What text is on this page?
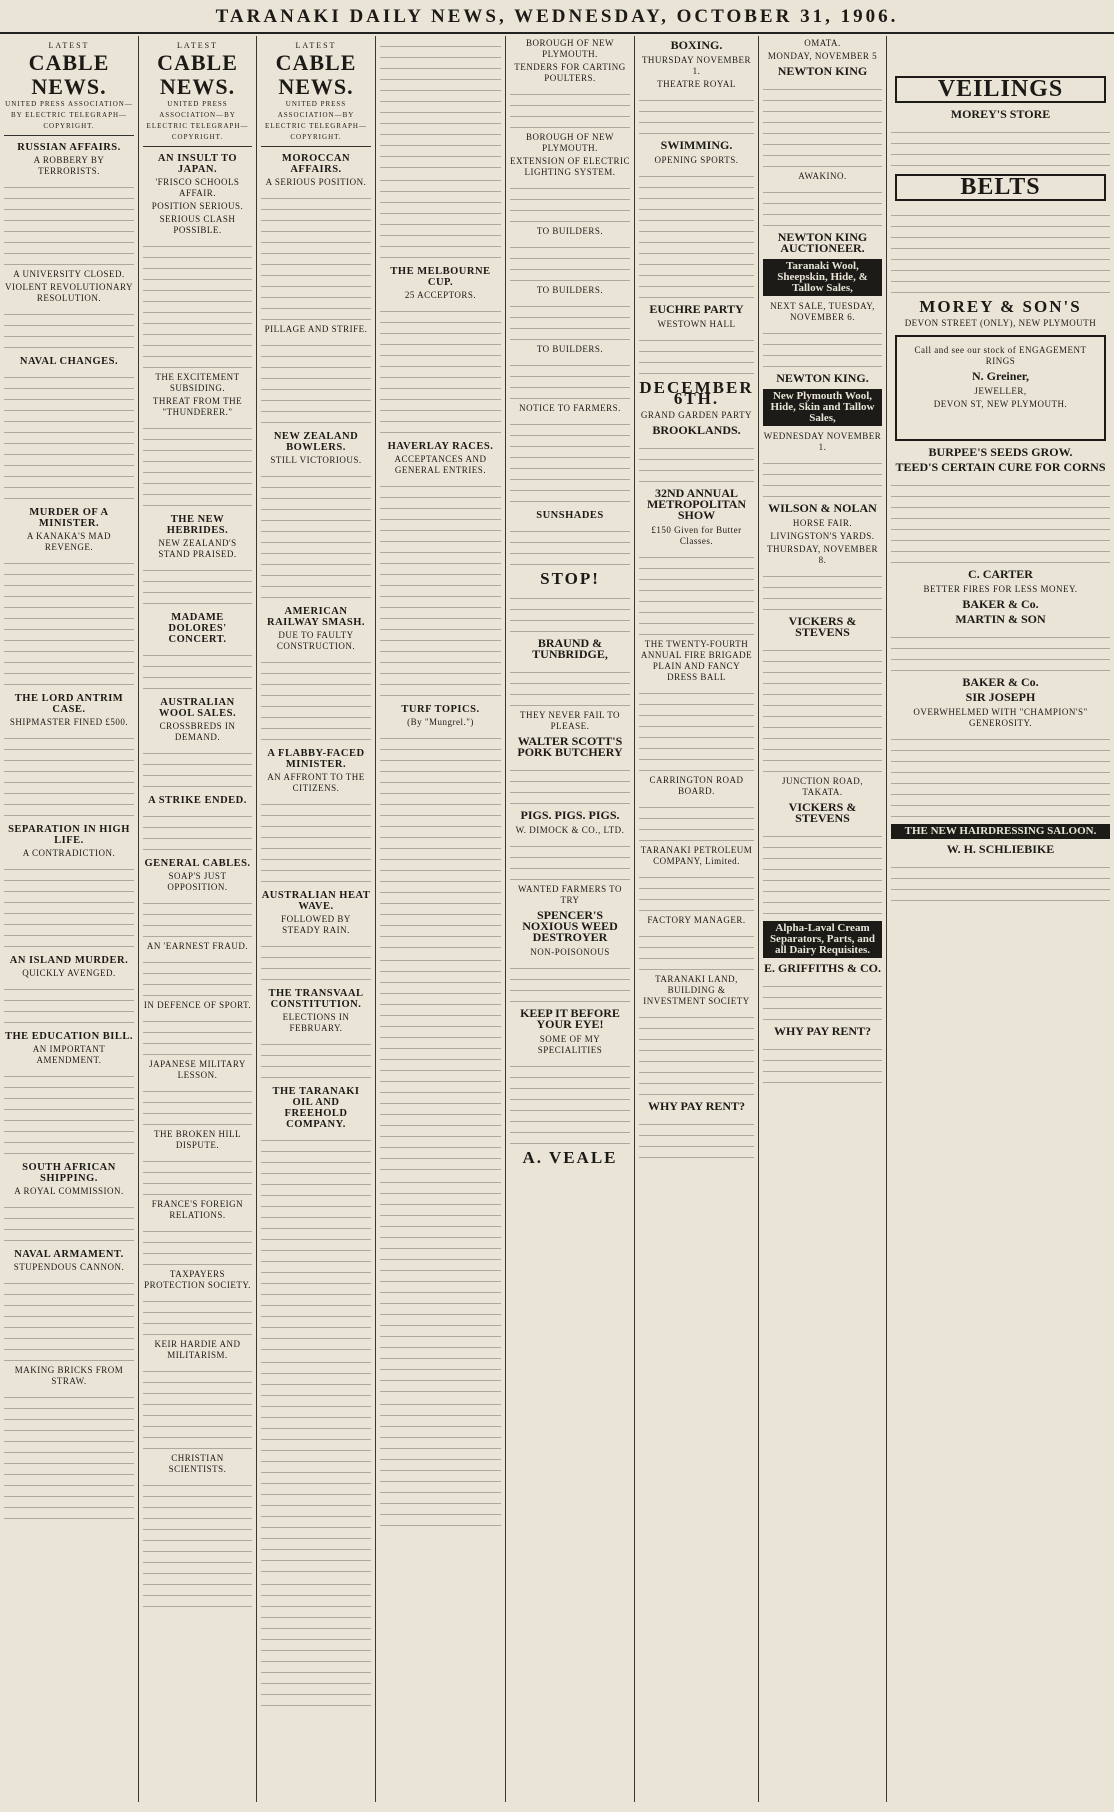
TARANAKI DAILY NEWS, WEDNESDAY, OCTOBER 31, 1906.
LATEST
CABLE NEWS.
UNITED PRESS ASSOCIATION—BY ELECTRIC TELEGRAPH—COPYRIGHT.
RUSSIAN AFFAIRS.
A ROBBERY BY TERRORISTS.
A UNIVERSITY CLOSED.
VIOLENT REVOLUTIONARY RESOLUTION.
NAVAL CHANGES.
MURDER OF A MINISTER.
A KANAKA'S MAD REVENGE.
THE LORD ANTRIM CASE.
SHIPMASTER FINED £500.
SEPARATION IN HIGH LIFE.
A CONTRADICTION.
AN ISLAND MURDER.
QUICKLY AVENGED.
THE EDUCATION BILL.
AN IMPORTANT AMENDMENT.
SOUTH AFRICAN SHIPPING.
A ROYAL COMMISSION.
NAVAL ARMAMENT.
STUPENDOUS CANNON.
MAKING BRICKS FROM STRAW.
LATEST
CABLE NEWS.
UNITED PRESS ASSOCIATION—BY ELECTRIC TELEGRAPH—COPYRIGHT.
AN INSULT TO JAPAN.
'FRISCO SCHOOLS AFFAIR.
POSITION SERIOUS.
SERIOUS CLASH POSSIBLE.
THE EXCITEMENT SUBSIDING.
THREAT FROM THE "THUNDERER."
THE NEW HEBRIDES.
NEW ZEALAND'S STAND PRAISED.
MADAME DOLORES' CONCERT.
AUSTRALIAN WOOL SALES.
CROSSBREDS IN DEMAND.
A STRIKE ENDED.
GENERAL CABLES.
SOAP'S JUST OPPOSITION.
AN 'EARNEST FRAUD.
IN DEFENCE OF SPORT.
JAPANESE MILITARY LESSON.
THE BROKEN HILL DISPUTE.
FRANCE'S FOREIGN RELATIONS.
TAXPAYERS PROTECTION SOCIETY.
KEIR HARDIE AND MILITARISM.
CHRISTIAN SCIENTISTS.
LATEST
CABLE NEWS.
UNITED PRESS ASSOCIATION—BY ELECTRIC TELEGRAPH—COPYRIGHT.
MOROCCAN AFFAIRS.
A SERIOUS POSITION.
PILLAGE AND STRIFE.
NEW ZEALAND BOWLERS.
STILL VICTORIOUS.
AMERICAN RAILWAY SMASH.
DUE TO FAULTY CONSTRUCTION.
A FLABBY-FACED MINISTER.
AN AFFRONT TO THE CITIZENS.
AUSTRALIAN HEAT WAVE.
FOLLOWED BY STEADY RAIN.
THE TRANSVAAL CONSTITUTION.
ELECTIONS IN FEBRUARY.
THE TARANAKI OIL AND FREEHOLD COMPANY.
THE MELBOURNE CUP.
25 ACCEPTORS.
HAVERLAY RACES.
ACCEPTANCES AND GENERAL ENTRIES.
TURF TOPICS.
(By "Mungrel.")
BOROUGH OF NEW PLYMOUTH.
TENDERS FOR CARTING POULTERS.
BOROUGH OF NEW PLYMOUTH.
EXTENSION OF ELECTRIC LIGHTING SYSTEM.
TO BUILDERS.
TO BUILDERS.
TO BUILDERS.
NOTICE TO FARMERS.
SUNSHADES
STOP!
BRAUND & TUNBRIDGE,
THEY NEVER FAIL TO PLEASE.
WALTER SCOTT'S PORK BUTCHERY
PIGS. PIGS. PIGS.
W. DIMOCK & CO., LTD.
WANTED FARMERS TO TRY
SPENCER'S NOXIOUS WEED DESTROYER
NON-POISONOUS
KEEP IT BEFORE YOUR EYE!
SOME OF MY SPECIALITIES
A. VEALE
BOXING.
THURSDAY NOVEMBER 1.
THEATRE ROYAL
SWIMMING.
OPENING SPORTS.
EUCHRE PARTY
WESTOWN HALL
DECEMBER 6TH.
GRAND GARDEN PARTY
BROOKLANDS.
32ND ANNUAL METROPOLITAN SHOW
£150 Given for Butter Classes.
THE TWENTY-FOURTH ANNUAL FIRE BRIGADE PLAIN AND FANCY DRESS BALL
CARRINGTON ROAD BOARD.
TARANAKI PETROLEUM COMPANY, Limited.
FACTORY MANAGER.
TARANAKI LAND, BUILDING & INVESTMENT SOCIETY
WHY PAY RENT?
OMATA.
MONDAY, NOVEMBER 5
NEWTON KING
AWAKINO.
NEWTON KING AUCTIONEER.
Taranaki Wool, Sheepskin, Hide, & Tallow Sales,
NEXT SALE, TUESDAY, NOVEMBER 6.
NEWTON KING.
New Plymouth Wool, Hide, Skin and Tallow Sales,
WEDNESDAY NOVEMBER 1.
WILSON & NOLAN
HORSE FAIR.
LIVINGSTON'S YARDS.
THURSDAY, NOVEMBER 8.
VICKERS & STEVENS
JUNCTION ROAD, TAKATA.
VICKERS & STEVENS
Alpha-Laval Cream Separators, Parts, and all Dairy Requisites.
E. GRIFFITHS & CO.
WHY PAY RENT?
VEILINGS
MOREY'S STORE
BELTS
MOREY & SON'S
DEVON STREET (ONLY), NEW PLYMOUTH
Call and see our stock of ENGAGEMENT RINGS
N. Greiner,
JEWELLER,
DEVON ST, NEW PLYMOUTH.
BURPEE'S SEEDS GROW.
TEED'S CERTAIN CURE FOR CORNS
C. CARTER
BETTER FIRES FOR LESS MONEY.
BAKER & Co.
MARTIN & SON
BAKER & Co.
SIR JOSEPH
OVERWHELMED WITH "CHAMPION'S" GENEROSITY.
THE NEW HAIRDRESSING SALOON.
W. H. SCHLIEBIKE
